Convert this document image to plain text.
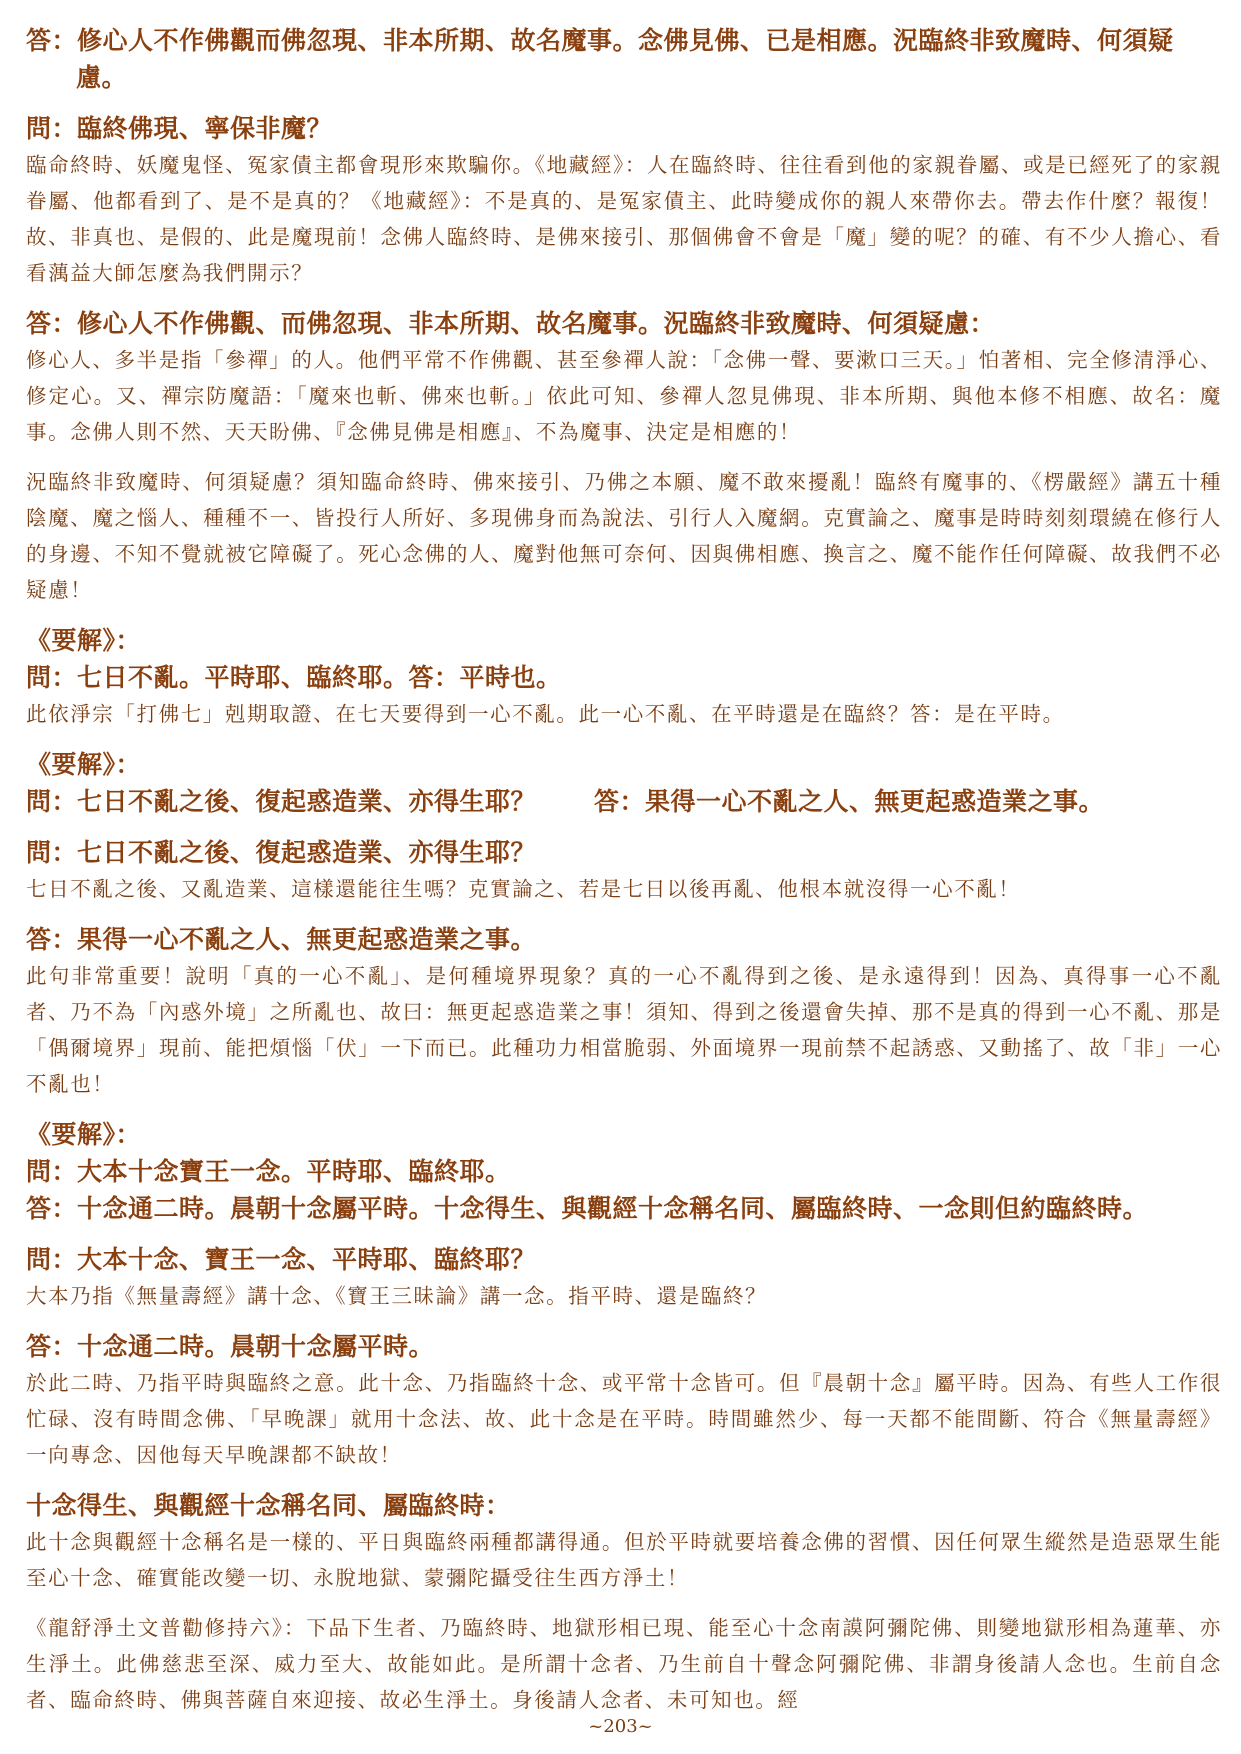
答：修心人不作佛觀而佛忽現、非本所期、故名魔事。念佛見佛、已是相應。況臨終非致魔時、何須疑慮。

問：臨終佛現、寧保非魔？

臨命終時、妖魔鬼怪、冤家債主都會現形來欺騙你。《地藏經》：人在臨終時、往往看到他的家親眷屬、或是已經死了的家親眷屬、他都看到了、是不是真的？《地藏經》：不是真的、是冤家債主、此時變成你的親人來帶你去。帶去作什麼？報復！故、非真也、是假的、此是魔現前！念佛人臨終時、是佛來接引、那個佛會不會是「魔」變的呢？的確、有不少人擔心、看看蕅益大師怎麼為我們開示？

答：修心人不作佛觀、而佛忽現、非本所期、故名魔事。況臨終非致魔時、何須疑慮：

修心人、多半是指「參禪」的人。他們平常不作佛觀、甚至參禪人說：「念佛一聲、要漱口三天。」怕著相、完全修清淨心、修定心。又、禪宗防魔語：「魔來也斬、佛來也斬。」依此可知、參禪人忽見佛現、非本所期、與他本修不相應、故名：魔事。念佛人則不然、天天盼佛、『念佛見佛是相應』、不為魔事、決定是相應的！

況臨終非致魔時、何須疑慮？須知臨命終時、佛來接引、乃佛之本願、魔不敢來擾亂！臨終有魔事的、《楞嚴經》講五十種陰魔、魔之惱人、種種不一、皆投行人所好、多現佛身而為說法、引行人入魔網。克實論之、魔事是時時刻刻環繞在修行人的身邊、不知不覺就被它障礙了。死心念佛的人、魔對他無可奈何、因與佛相應、換言之、魔不能作任何障礙、故我們不必疑慮！

《要解》：

問：七日不亂。平時耶、臨終耶。答：平時也。

此依淨宗「打佛七」剋期取證、在七天要得到一心不亂。此一心不亂、在平時還是在臨終？答：是在平時。

《要解》：

問：七日不亂之後、復起惑造業、亦得生耶？ 答：果得一心不亂之人、無更起惑造業之事。

問：七日不亂之後、復起惑造業、亦得生耶？

七日不亂之後、又亂造業、這樣還能往生嗎？克實論之、若是七日以後再亂、他根本就沒得一心不亂！

答：果得一心不亂之人、無更起惑造業之事。

此句非常重要！說明「真的一心不亂」、是何種境界現象？真的一心不亂得到之後、是永遠得到！因為、真得事一心不亂者、乃不為「內惑外境」之所亂也、故曰：無更起惑造業之事！須知、得到之後還會失掉、那不是真的得到一心不亂、那是「偶爾境界」現前、能把煩惱「伏」一下而已。此種功力相當脆弱、外面境界一現前禁不起誘惑、又動搖了、故「非」一心不亂也！

《要解》：

問：大本十念寶王一念。平時耶、臨終耶。

答：十念通二時。晨朝十念屬平時。十念得生、與觀經十念稱名同、屬臨終時、一念則但約臨終時。

問：大本十念、寶王一念、平時耶、臨終耶？

大本乃指《無量壽經》講十念、《寶王三昧論》講一念。指平時、還是臨終？

答：十念通二時。晨朝十念屬平時。

於此二時、乃指平時與臨終之意。此十念、乃指臨終十念、或平常十念皆可。但『晨朝十念』屬平時。因為、有些人工作很忙碌、沒有時間念佛、「早晚課」就用十念法、故、此十念是在平時。時間雖然少、每一天都不能間斷、符合《無量壽經》一向專念、因他每天早晚課都不缺故！

十念得生、與觀經十念稱名同、屬臨終時：

此十念與觀經十念稱名是一樣的、平日與臨終兩種都講得通。但於平時就要培養念佛的習慣、因任何眾生縱然是造惡眾生能至心十念、確實能改變一切、永脫地獄、蒙彌陀攝受往生西方淨土！

《龍舒淨土文普勸修持六》：下品下生者、乃臨終時、地獄形相已現、能至心十念南謨阿彌陀佛、則變地獄形相為蓮華、亦生淨土。此佛慈悲至深、威力至大、故能如此。是所謂十念者、乃生前自十聲念阿彌陀佛、非謂身後請人念也。生前自念者、臨命終時、佛與菩薩自來迎接、故必生淨土。身後請人念者、未可知也。經

~203~
